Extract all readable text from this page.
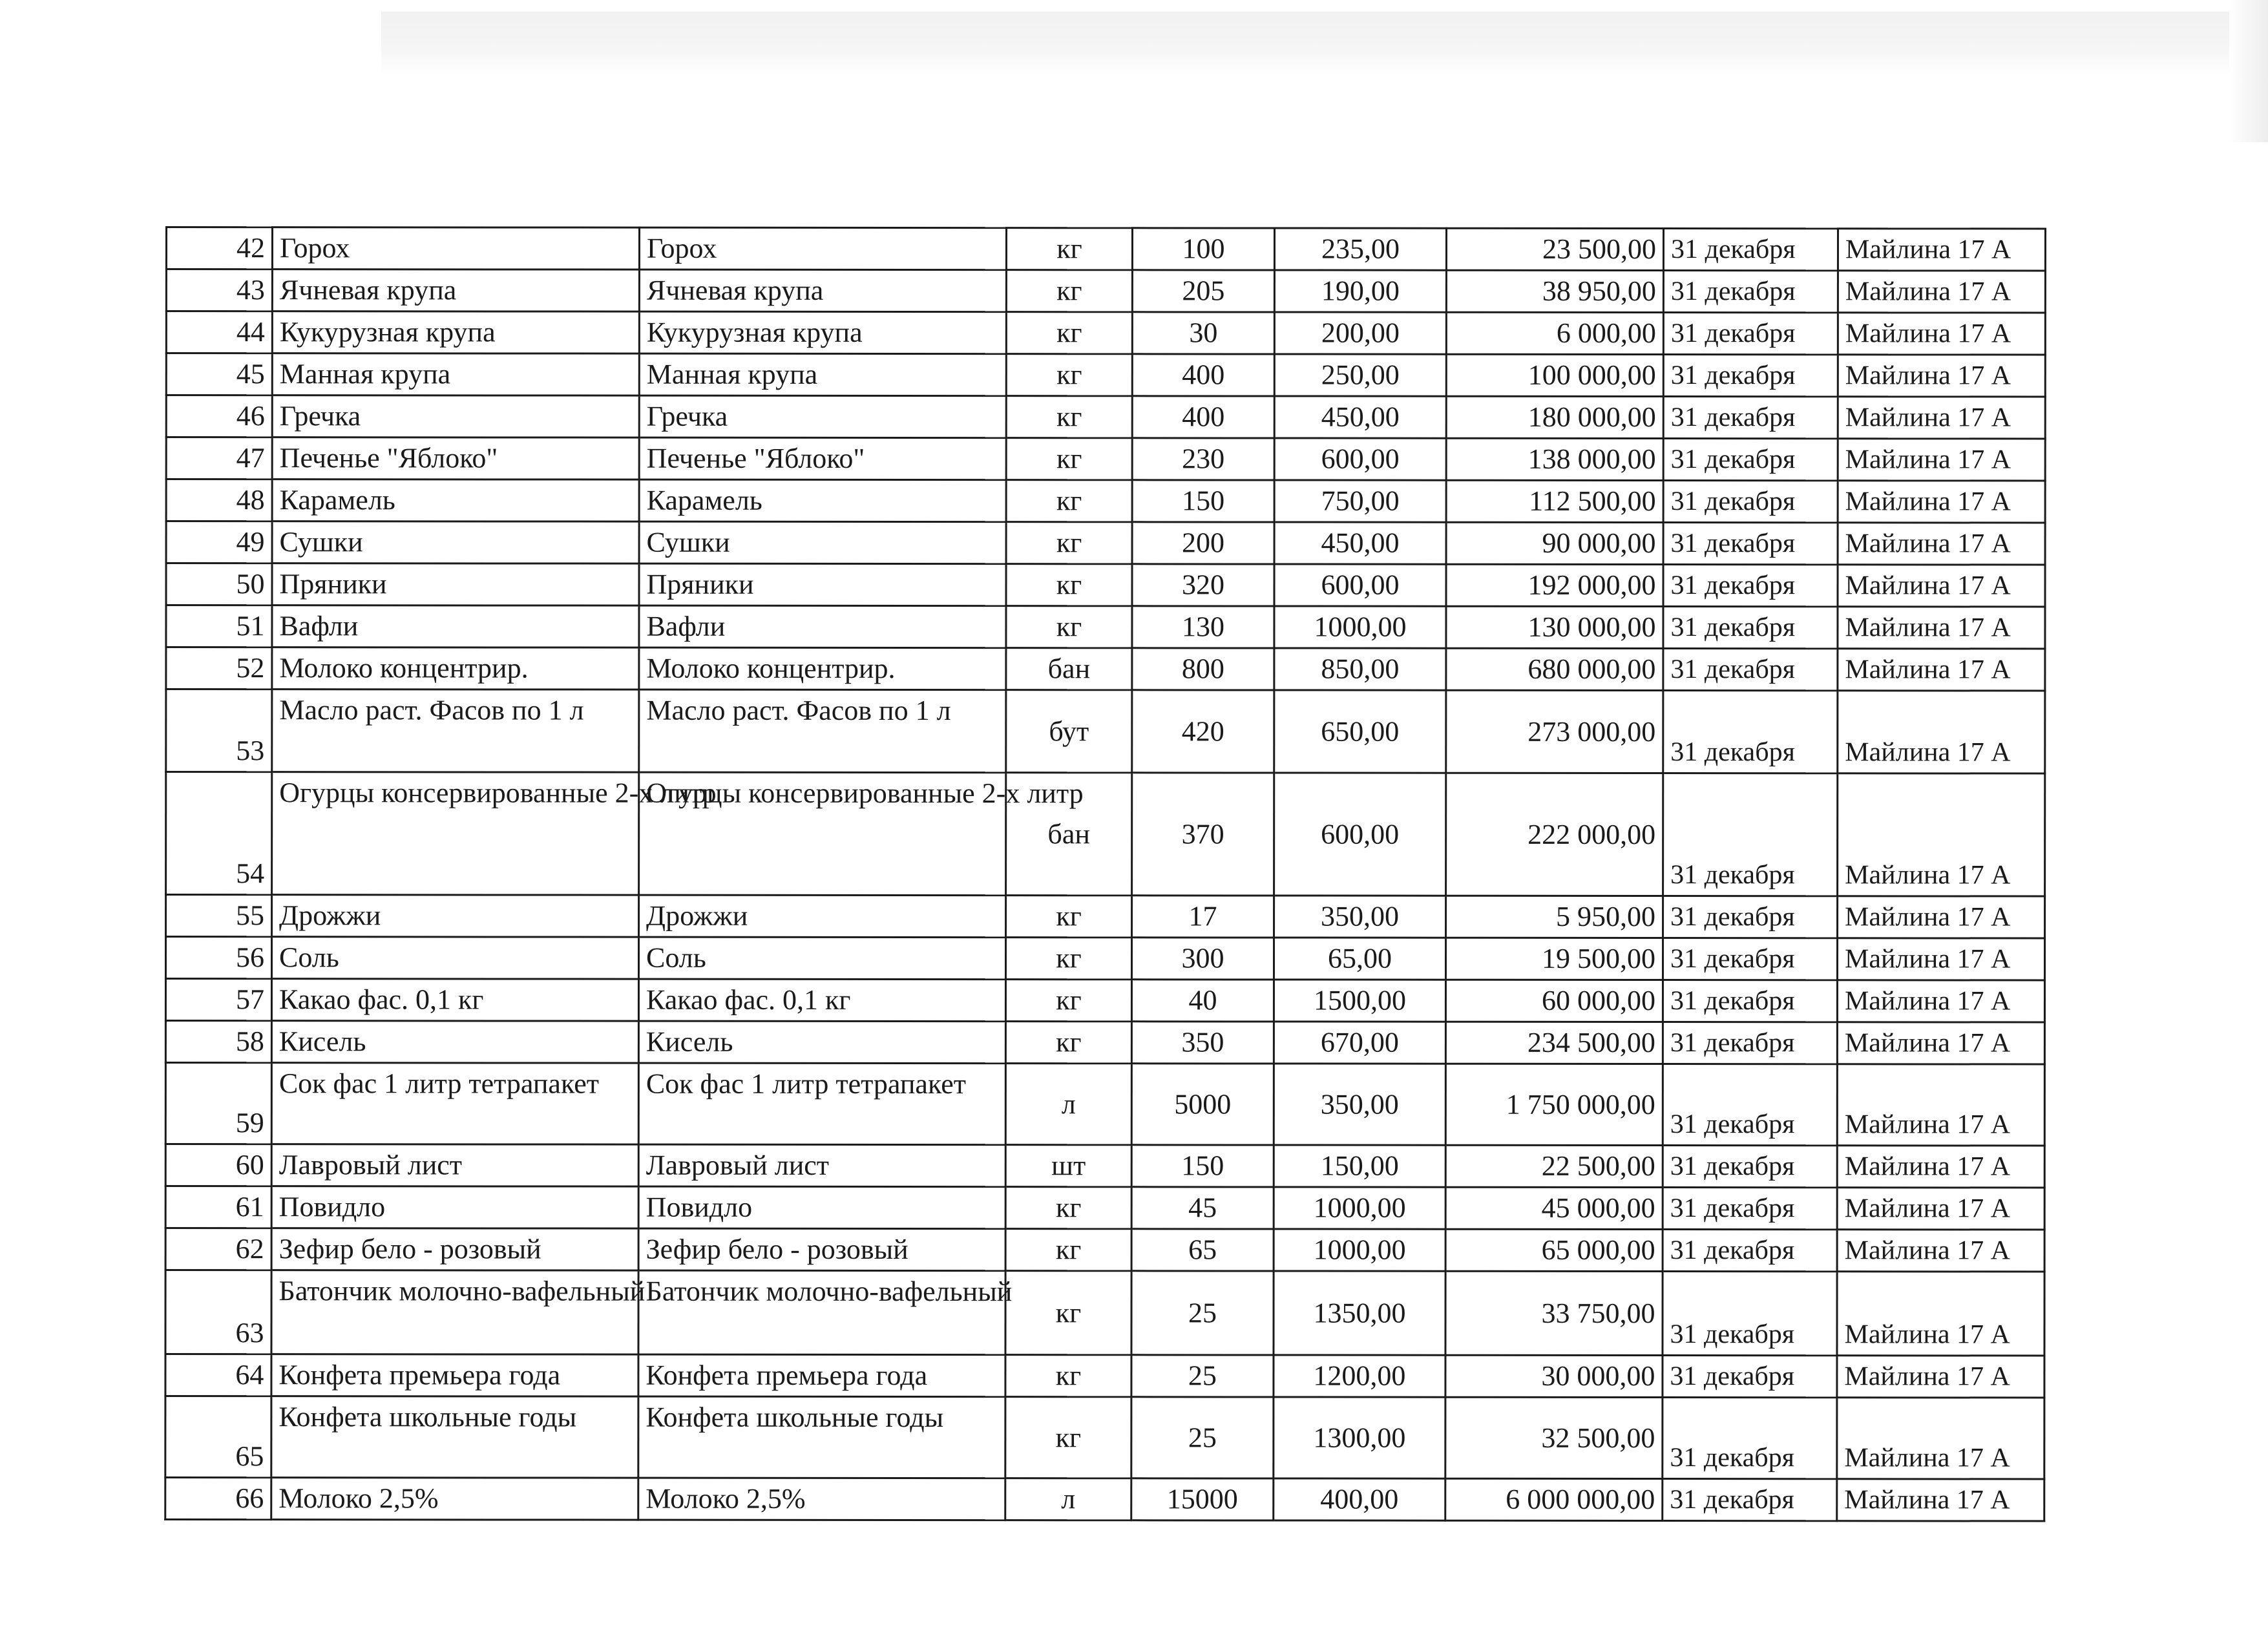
42	Горох	Горох	кг	100	235,00	23 500,00	31 декабря	Майлина 17 А
43	Ячневая крупа	Ячневая крупа	кг	205	190,00	38 950,00	31 декабря	Майлина 17 А
44	Кукурузная крупа	Кукурузная крупа	кг	30	200,00	6 000,00	31 декабря	Майлина 17 А
45	Манная крупа	Манная крупа	кг	400	250,00	100 000,00	31 декабря	Майлина 17 А
46	Гречка	Гречка	кг	400	450,00	180 000,00	31 декабря	Майлина 17 А
47	Печенье "Яблоко"	Печенье "Яблоко"	кг	230	600,00	138 000,00	31 декабря	Майлина 17 А
48	Карамель	Карамель	кг	150	750,00	112 500,00	31 декабря	Майлина 17 А
49	Сушки	Сушки	кг	200	450,00	90 000,00	31 декабря	Майлина 17 А
50	Пряники	Пряники	кг	320	600,00	192 000,00	31 декабря	Майлина 17 А
51	Вафли	Вафли	кг	130	1000,00	130 000,00	31 декабря	Майлина 17 А
52	Молоко концентрир.	Молоко концентрир.	бан	800	850,00	680 000,00	31 декабря	Майлина 17 А
53	Масло раст. Фасов по 1 л	Масло раст. Фасов по 1 л	бут	420	650,00	273 000,00	31 декабря	Майлина 17 А
54	Огурцы консервированные 2-х литр	Огурцы консервированные 2-х литр	бан	370	600,00	222 000,00	31 декабря	Майлина 17 А
55	Дрожжи	Дрожжи	кг	17	350,00	5 950,00	31 декабря	Майлина 17 А
56	Соль	Соль	кг	300	65,00	19 500,00	31 декабря	Майлина 17 А
57	Какао фас. 0,1 кг	Какао фас. 0,1 кг	кг	40	1500,00	60 000,00	31 декабря	Майлина 17 А
58	Кисель	Кисель	кг	350	670,00	234 500,00	31 декабря	Майлина 17 А
59	Сок фас 1 литр тетрапакет	Сок фас 1 литр тетрапакет	л	5000	350,00	1 750 000,00	31 декабря	Майлина 17 А
60	Лавровый лист	Лавровый лист	шт	150	150,00	22 500,00	31 декабря	Майлина 17 А
61	Повидло	Повидло	кг	45	1000,00	45 000,00	31 декабря	Майлина 17 А
62	Зефир бело - розовый	Зефир бело - розовый	кг	65	1000,00	65 000,00	31 декабря	Майлина 17 А
63	Батончик молочно-вафельный	Батончик молочно-вафельный	кг	25	1350,00	33 750,00	31 декабря	Майлина 17 А
64	Конфета премьера года	Конфета премьера года	кг	25	1200,00	30 000,00	31 декабря	Майлина 17 А
65	Конфета школьные годы	Конфета школьные годы	кг	25	1300,00	32 500,00	31 декабря	Майлина 17 А
66	Молоко 2,5%	Молоко 2,5%	л	15000	400,00	6 000 000,00	31 декабря	Майлина 17 А
